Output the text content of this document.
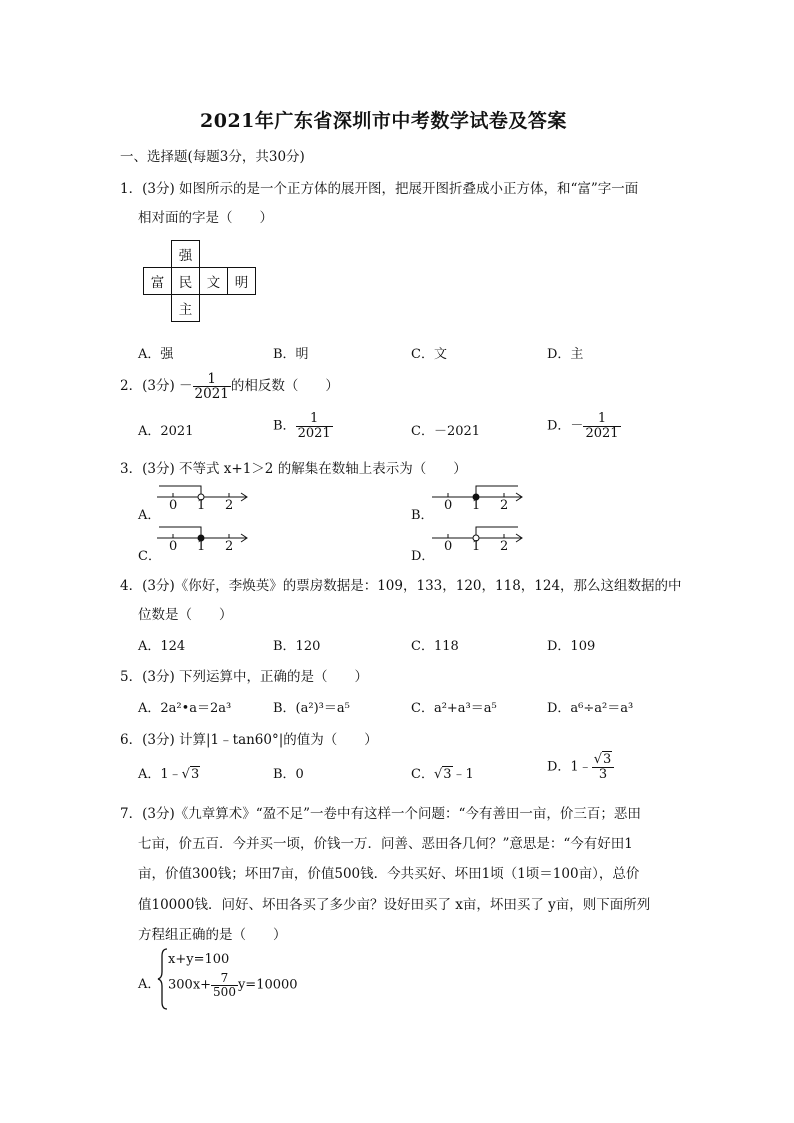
2021年广东省深圳市中考数学试卷及答案
一、选择题(每题3分，共30分)
1．(3分) 如图所示的是一个正方体的展开图，把展开图折叠成小正方体，和“富”字一面
相对面的字是（　　）
	强		
富	民	文	明
	主		
A．强	B．明	C．文	D．主
2．(3分) － $\frac{1}{2021}$ 的相反数（　　）
A．2021	B． $\frac{1}{2021}$	C．－2021	D．－ $\frac{1}{2021}$
3．(3分) 不等式 x+1＞2 的解集在数轴上表示为（　　）
A．
0 1 2
B．
0 1 2
C．
0 1 2
D．
0 1 2
4．(3分)《你好，李焕英》的票房数据是：109，133，120，118，124，那么这组数据的中
位数是（　　）
A．124	B．120	C．118	D．109
5．(3分) 下列运算中，正确的是（　　）
A．2a²•a＝2a³	B．(a²)³＝a⁵	C．a²+a³＝a⁵	D．a⁶÷a²＝a³
6．(3分) 计算|1﹣tan60°|的值为（　　）
A．1﹣√3	B．0	C．√3﹣1	D．1﹣ $\frac{√3}{3}$
7．(3分)《九章算术》“盈不足”一卷中有这样一个问题：“今有善田一亩，价三百；恶田
七亩，价五百．今并买一顷，价钱一万．问善、恶田各几何？”意思是：“今有好田1
亩，价值300钱；坏田7亩，价值500钱．今共买好、坏田1顷（1顷＝100亩），总价
值10000钱．问好、坏田各买了多少亩？设好田买了 x亩，坏田买了 y亩，则下面所列
方程组正确的是（　　）
A．
x+y=100
$300x+ \frac{7}{500} y=10000$
